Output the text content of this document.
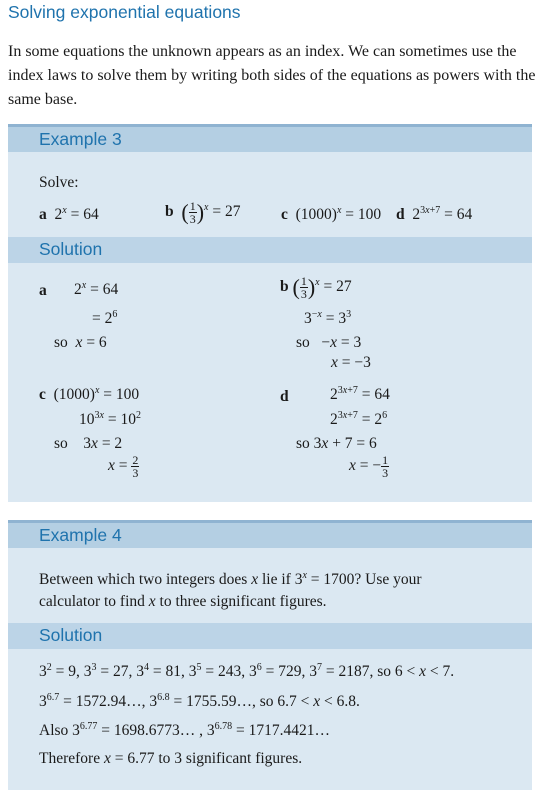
Solving exponential equations
In some equations the unknown appears as an index. We can sometimes use the index laws to solve them by writing both sides of the equations as powers with the same base.
Example 3
Solve:
a  $2^x = 64$	b ( $\frac{1}{3} )^x = 27$	c  $(1000)^x = 100$ d  $2^{3x+7} = 64$
Solution
a $2^x = 64$
= $2^6$
so  x = 6
b ( $\frac{1}{3} )^x = 27$
$3^{-x} = 3^3$
so   −x = 3
x = −3
c  $(1000)^x = 100$
$10^{3x} = 10^2$
so    3x = 2
$x = \frac{2}{3}$
d	$2^{3x+7} = 64$
$2^{3x+7} = 2^6$
so 3x + 7 = 6
x = − $\frac{1}{3}$
Example 4
Between which two integers does x lie if $3^x = 1700$? Use your
calculator to find x to three significant figures.
Solution
$3^2 = 9$, $3^3 = 27$, $3^4 = 81$, $3^5 = 243$, $3^6 = 729$, $3^7 = 2187$, so 6 < x < 7.
$3^{6.7}$ = 1572.94…, $3^{6.8}$ = 1755.59…, so 6.7 < x < 6.8.
Also $3^{6.77}$ = 1698.6773… , $3^{6.78}$ = 1717.4421…
Therefore x = 6.77 to 3 significant figures.
